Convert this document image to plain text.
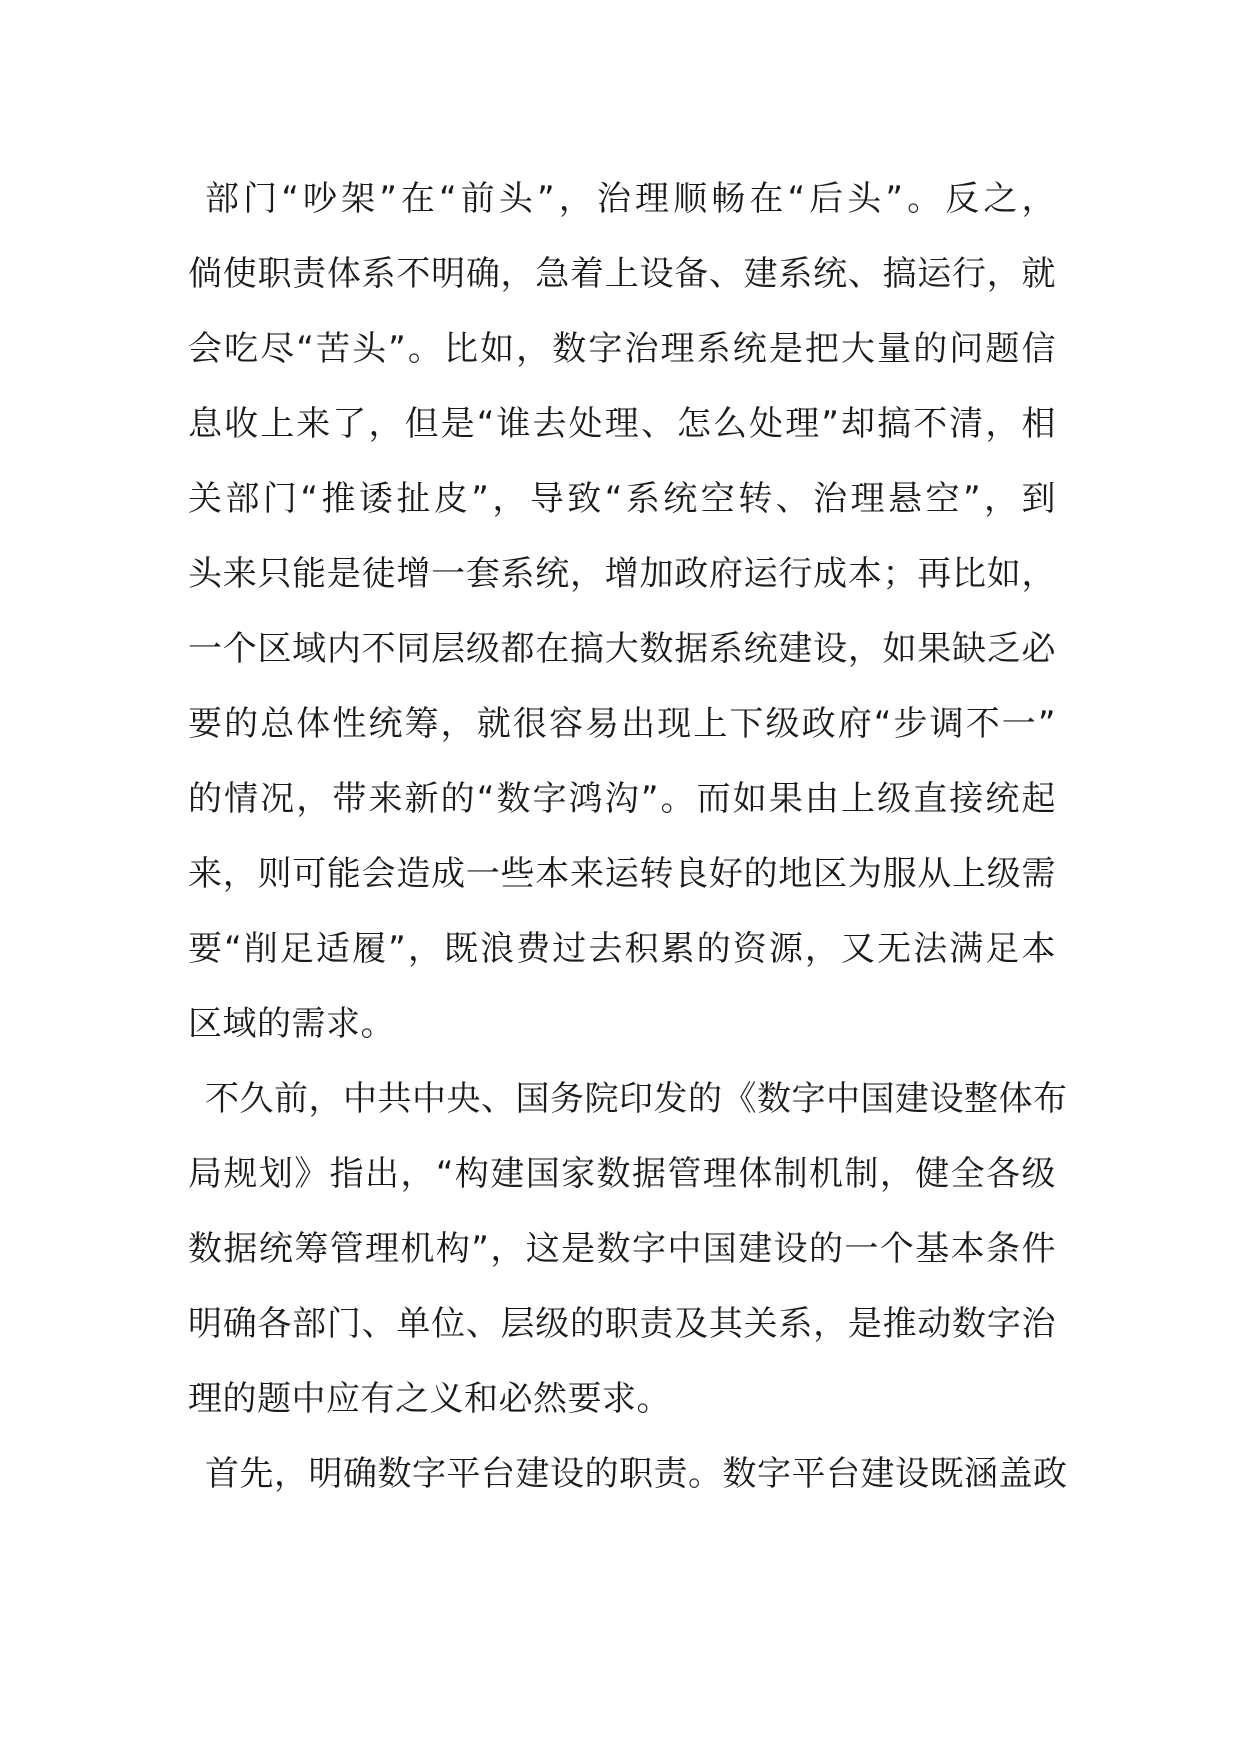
部门“吵架”在“前头”，治理顺畅在“后头”。反之，
倘使职责体系不明确，急着上设备、建系统、搞运行，就
会吃尽“苦头”。比如，数字治理系统是把大量的问题信
息收上来了，但是“谁去处理、怎么处理”却搞不清，相
关部门“推诿扯皮”，导致“系统空转、治理悬空”，到
头来只能是徒增一套系统，增加政府运行成本；再比如，
一个区域内不同层级都在搞大数据系统建设，如果缺乏必
要的总体性统筹，就很容易出现上下级政府“步调不一”
的情况，带来新的“数字鸿沟”。而如果由上级直接统起
来，则可能会造成一些本来运转良好的地区为服从上级需
要“削足适履”，既浪费过去积累的资源，又无法满足本
区域的需求。
不久前，中共中央、国务院印发的《数字中国建设整体布
局规划》指出，“构建国家数据管理体制机制，健全各级
数据统筹管理机构”，这是数字中国建设的一个基本条件
明确各部门、单位、层级的职责及其关系，是推动数字治
理的题中应有之义和必然要求。
首先，明确数字平台建设的职责。数字平台建设既涵盖政
